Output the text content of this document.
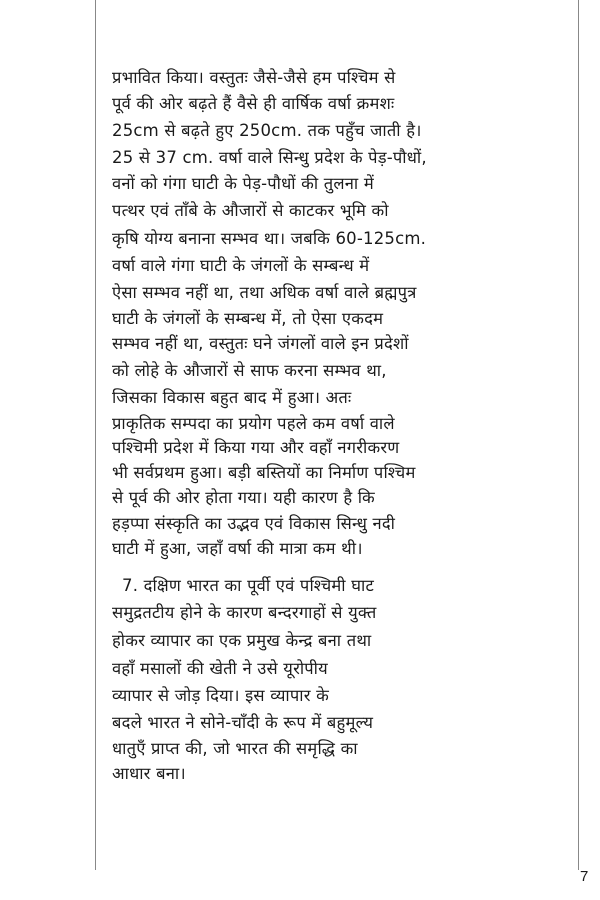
प्रभावित किया। वस्तुतः जैसे-जैसे हम पश्चिम से
पूर्व की ओर बढ़ते हैं वैसे ही वार्षिक वर्षा क्रमशः
25cm से बढ़ते हुए 250cm. तक पहुँच जाती है।
25 से 37 cm. वर्षा वाले सिन्धु प्रदेश के पेड़-पौधों,
वनों को गंगा घाटी के पेड़-पौधों की तुलना में
पत्थर एवं ताँबे के औजारों से काटकर भूमि को
कृषि योग्य बनाना सम्भव था। जबकि 60-125cm.
वर्षा वाले गंगा घाटी के जंगलों के सम्बन्ध में
ऐसा सम्भव नहीं था, तथा अधिक वर्षा वाले ब्रह्मपुत्र
घाटी के जंगलों के सम्बन्ध में, तो ऐसा एकदम
सम्भव नहीं था, वस्तुतः घने जंगलों वाले इन प्रदेशों
को लोहे के औजारों से साफ करना सम्भव था,
जिसका विकास बहुत बाद में हुआ। अतः
प्राकृतिक सम्पदा का प्रयोग पहले कम वर्षा वाले
पश्चिमी प्रदेश में किया गया और वहाँ नगरीकरण
भी सर्वप्रथम हुआ। बड़ी बस्तियों का निर्माण पश्चिम
से पूर्व की ओर होता गया। यही कारण है कि
हड़प्पा संस्कृति का उद्भव एवं विकास सिन्धु नदी
घाटी में हुआ, जहाँ वर्षा की मात्रा कम थी।
7. दक्षिण भारत का पूर्वी एवं पश्चिमी घाट
समुद्रतटीय होने के कारण बन्दरगाहों से युक्त
होकर व्यापार का एक प्रमुख केन्द्र बना तथा
वहाँ मसालों की खेती ने उसे यूरोपीय
व्यापार से जोड़ दिया। इस व्यापार के
बदले भारत ने सोने-चाँदी के रूप में बहुमूल्य
धातुएँ प्राप्त की, जो भारत की समृद्धि का
आधार बना।
7
